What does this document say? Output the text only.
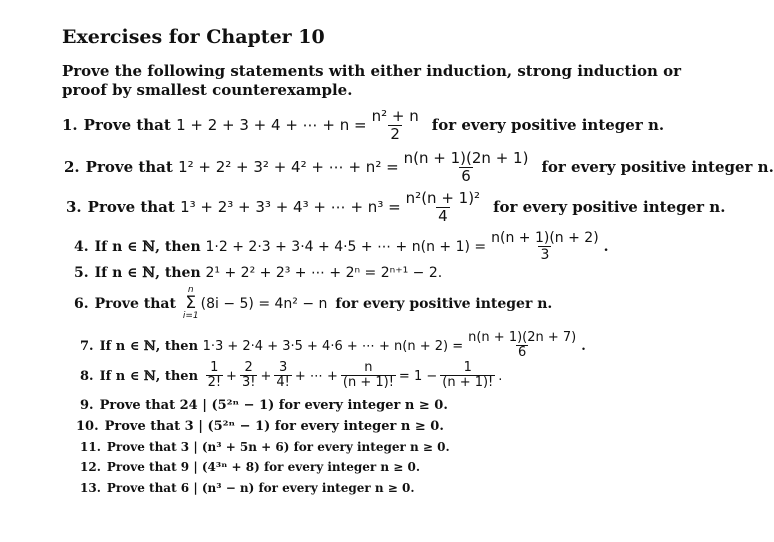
Exercises for Chapter 10
Prove the following statements with either induction, strong induction or proof by smallest counterexample.
1. Prove that
1 + 2 + 3 + 4 + ⋯ + $n = \frac{\text{n² + n}}{2}$ for every positive integer n.
2. Prove that
1² + 2² + 3² + 4² + ⋯ + $n^2 = \frac{n(n + 1)(2n + 1)}{6}$ for every positive integer n.
3. Prove that
1³ + 2³ + 3³ + 4³ + ⋯ + $n^3 = \frac{\text{n²(n + 1)²}}{4}$ for every positive integer n.
4. If n ∈ ℕ, then
1·2 + 2·3 + 3·4 + 4·5 + ⋯ + $n(n + 1) = \frac{n(n + 1)(n + 2)}{3}$ .
5. If n ∈ ℕ, then
2¹ + 2² + 2³ + ⋯ + 2ⁿ = 2ⁿ⁺¹ − 2.
6. Prove that

n
Σ
i=1
(8i − 5) = 4n² − n for every positive integer n.
7. If n ∈ ℕ, then
1·3 + 2·4 + 3·5 + 4·6 + ⋯ + $n(n + 2) = \frac{n(n + 1)(2n + 7)}{6}$ .
8. If n ∈ ℕ, then
$\frac{1}{2!} + \frac{2}{3!} + \frac{3}{4!}$ + ⋯ + $\frac{n}{(n + 1)!} = 1 - \frac{1}{(n + 1)!}$ .
9. Prove that 24 | (5²ⁿ − 1) for every integer n ≥ 0.
10. Prove that 3 | (5²ⁿ − 1) for every integer n ≥ 0.
11. Prove that 3 | (n³ + 5n + 6) for every integer n ≥ 0.
12. Prove that 9 | (4³ⁿ + 8) for every integer n ≥ 0.
13. Prove that 6 | (n³ − n) for every integer n ≥ 0.
